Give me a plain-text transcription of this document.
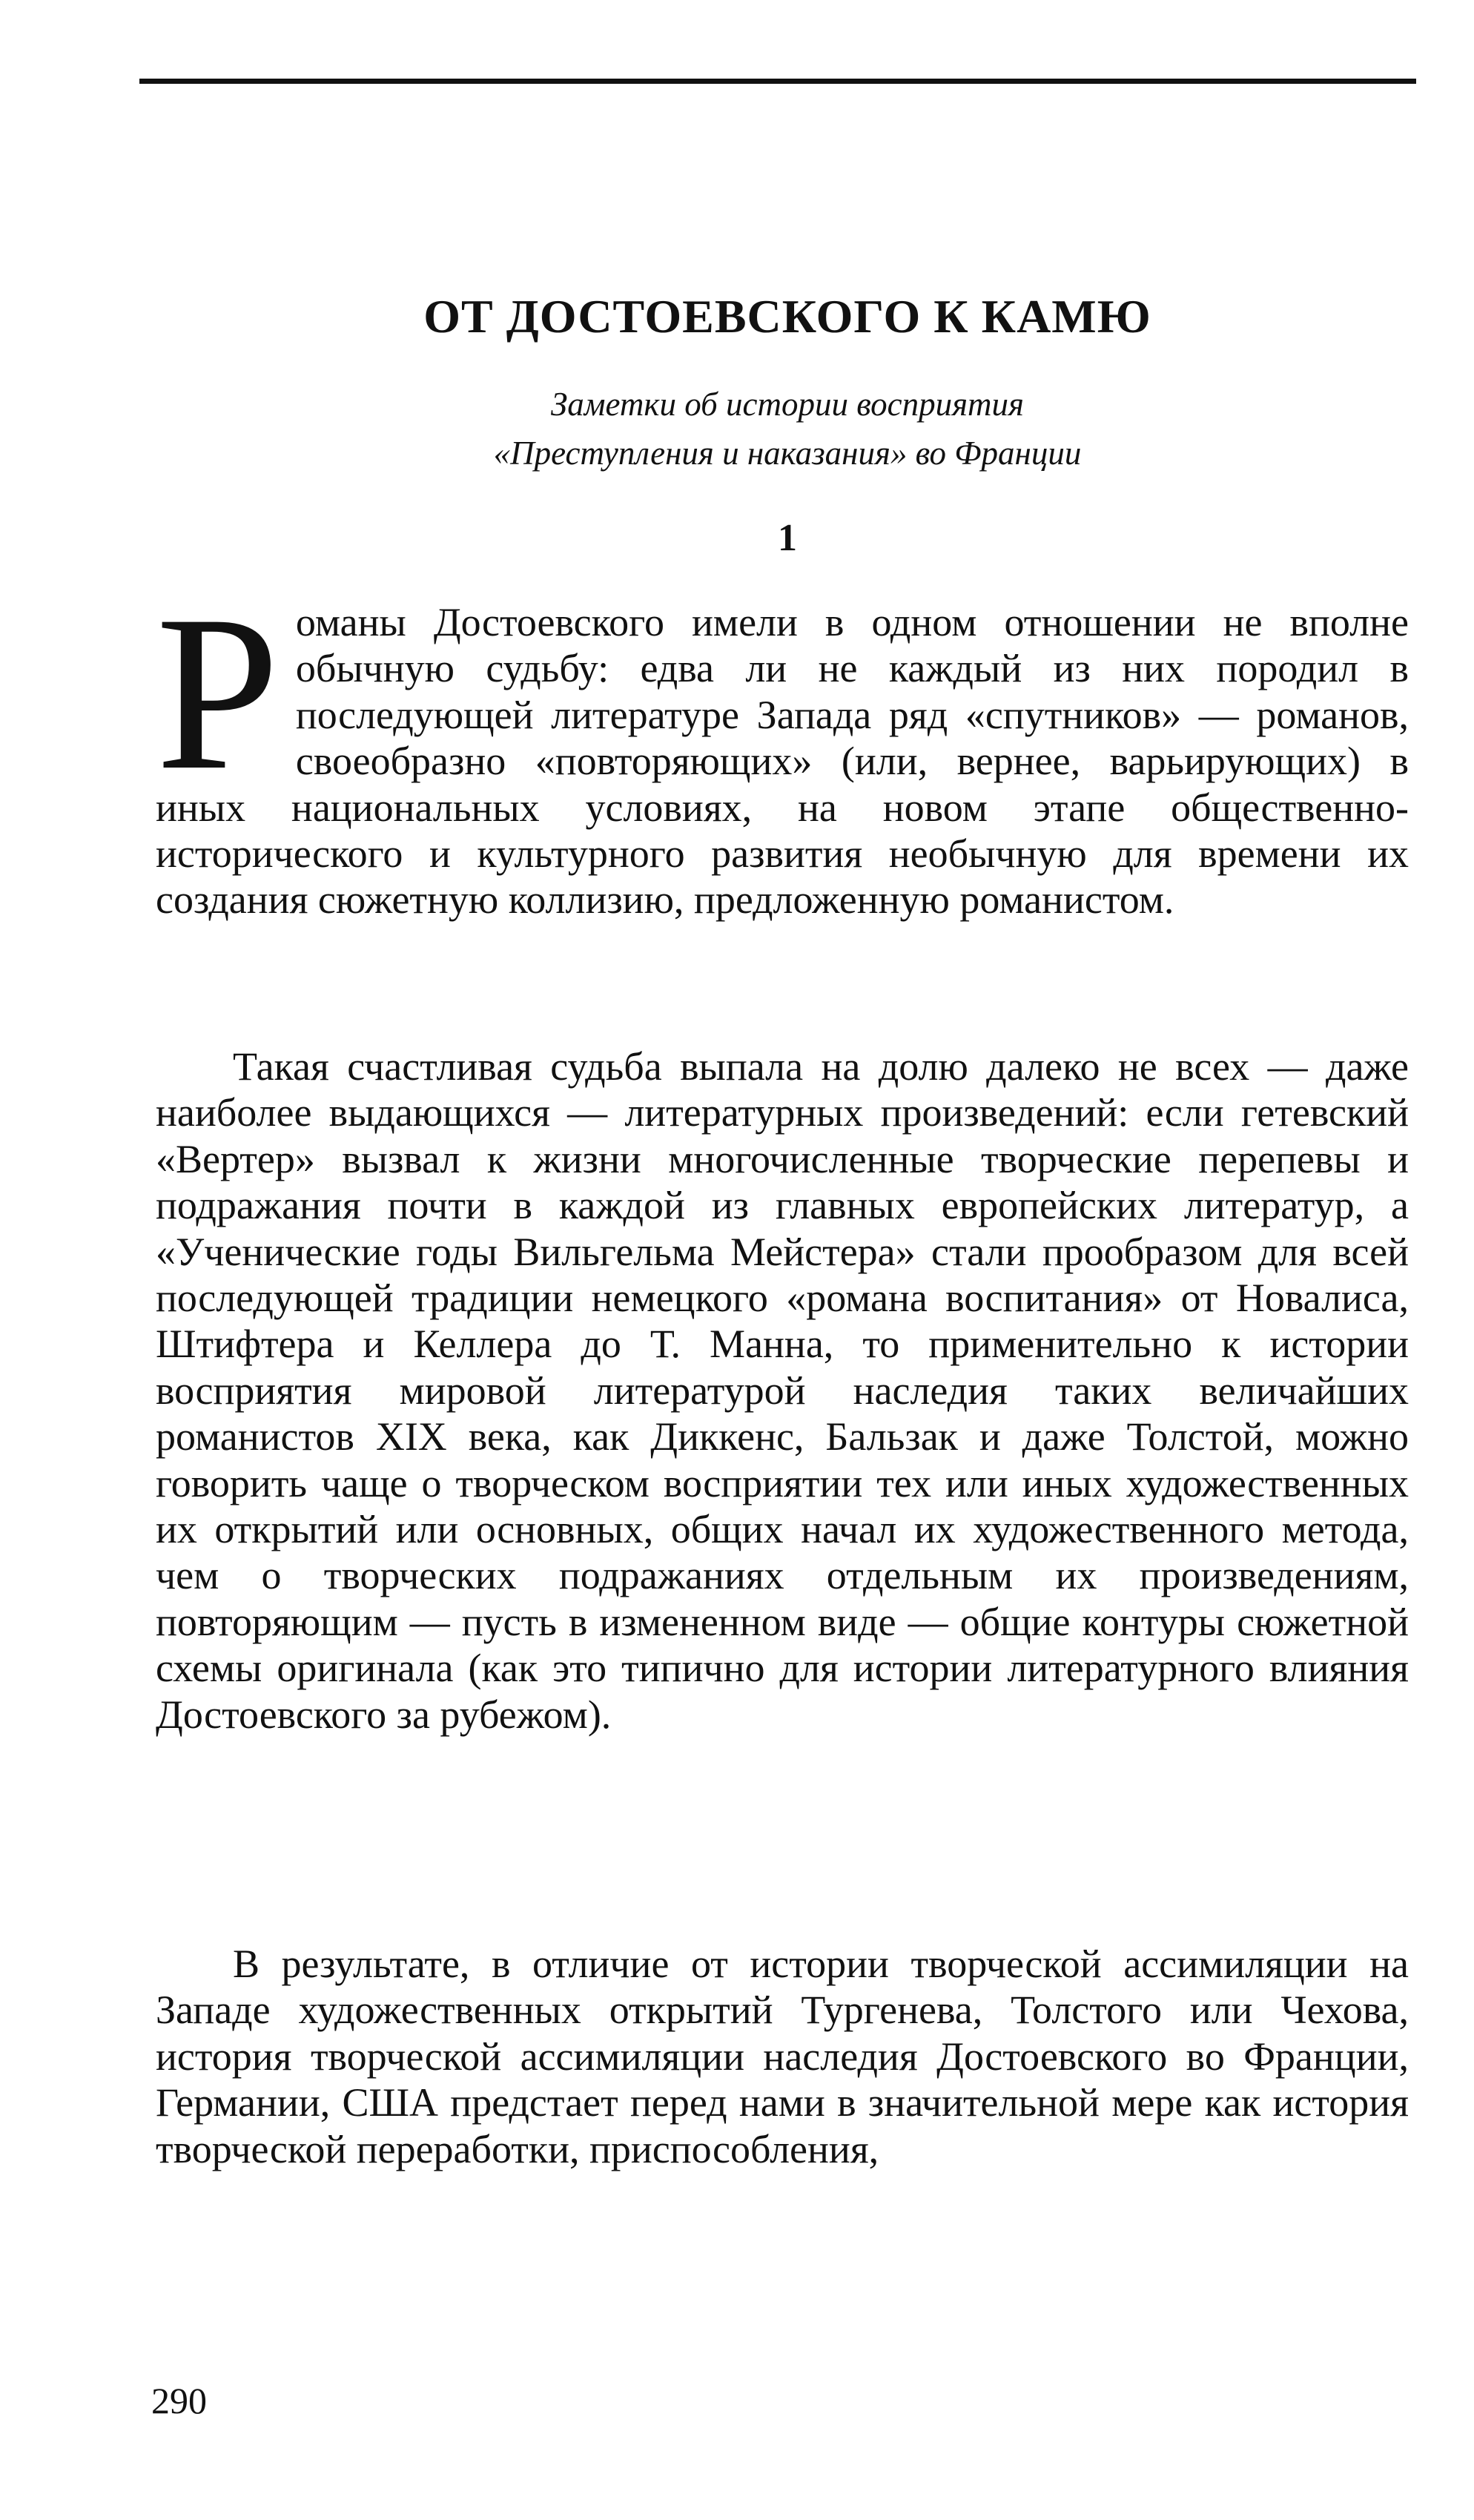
ОТ ДОСТОЕВСКОГО К КАМЮ
Заметки об истории восприятия
«Преступления и наказания» во Франции
1

Романы Достоевского имели в одном отношении не вполне обычную судьбу: едва ли не каждый из них породил в последующей литературе Запада ряд «спутников» — романов, своеобразно «повторяющих» (или, вернее, варьирующих) в иных национальных условиях, на новом этапе общественно-исторического и культурного развития необычную для времени их создания сюжетную коллизию, предложенную романистом.

Такая счастливая судьба выпала на долю далеко не всех — даже наиболее выдающихся — литературных произведений: если гетевский «Вертер» вызвал к жизни многочисленные творческие перепевы и подражания почти в каждой из главных европейских литератур, а «Ученические годы Вильгельма Мейстера» стали прообразом для всей последующей традиции немецкого «романа воспитания» от Новалиса, Штифтера и Келлера до Т. Манна, то применительно к истории восприятия мировой литературой наследия таких величайших романистов XIX века, как Диккенс, Бальзак и даже Толстой, можно говорить чаще о творческом восприятии тех или иных художественных их открытий или основных, общих начал их художественного метода, чем о творческих подражаниях отдельным их произведениям, повторяющим — пусть в измененном виде — общие контуры сюжетной схемы оригинала (как это типично для истории литературного влияния Достоевского за рубежом).

В результате, в отличие от истории творческой ассимиляции на Западе художественных открытий Тургенева, Толстого или Чехова, история творческой ассимиляции наследия Достоевского во Франции, Германии, США предстает перед нами в значительной мере как история творческой переработки, приспособления,

290
